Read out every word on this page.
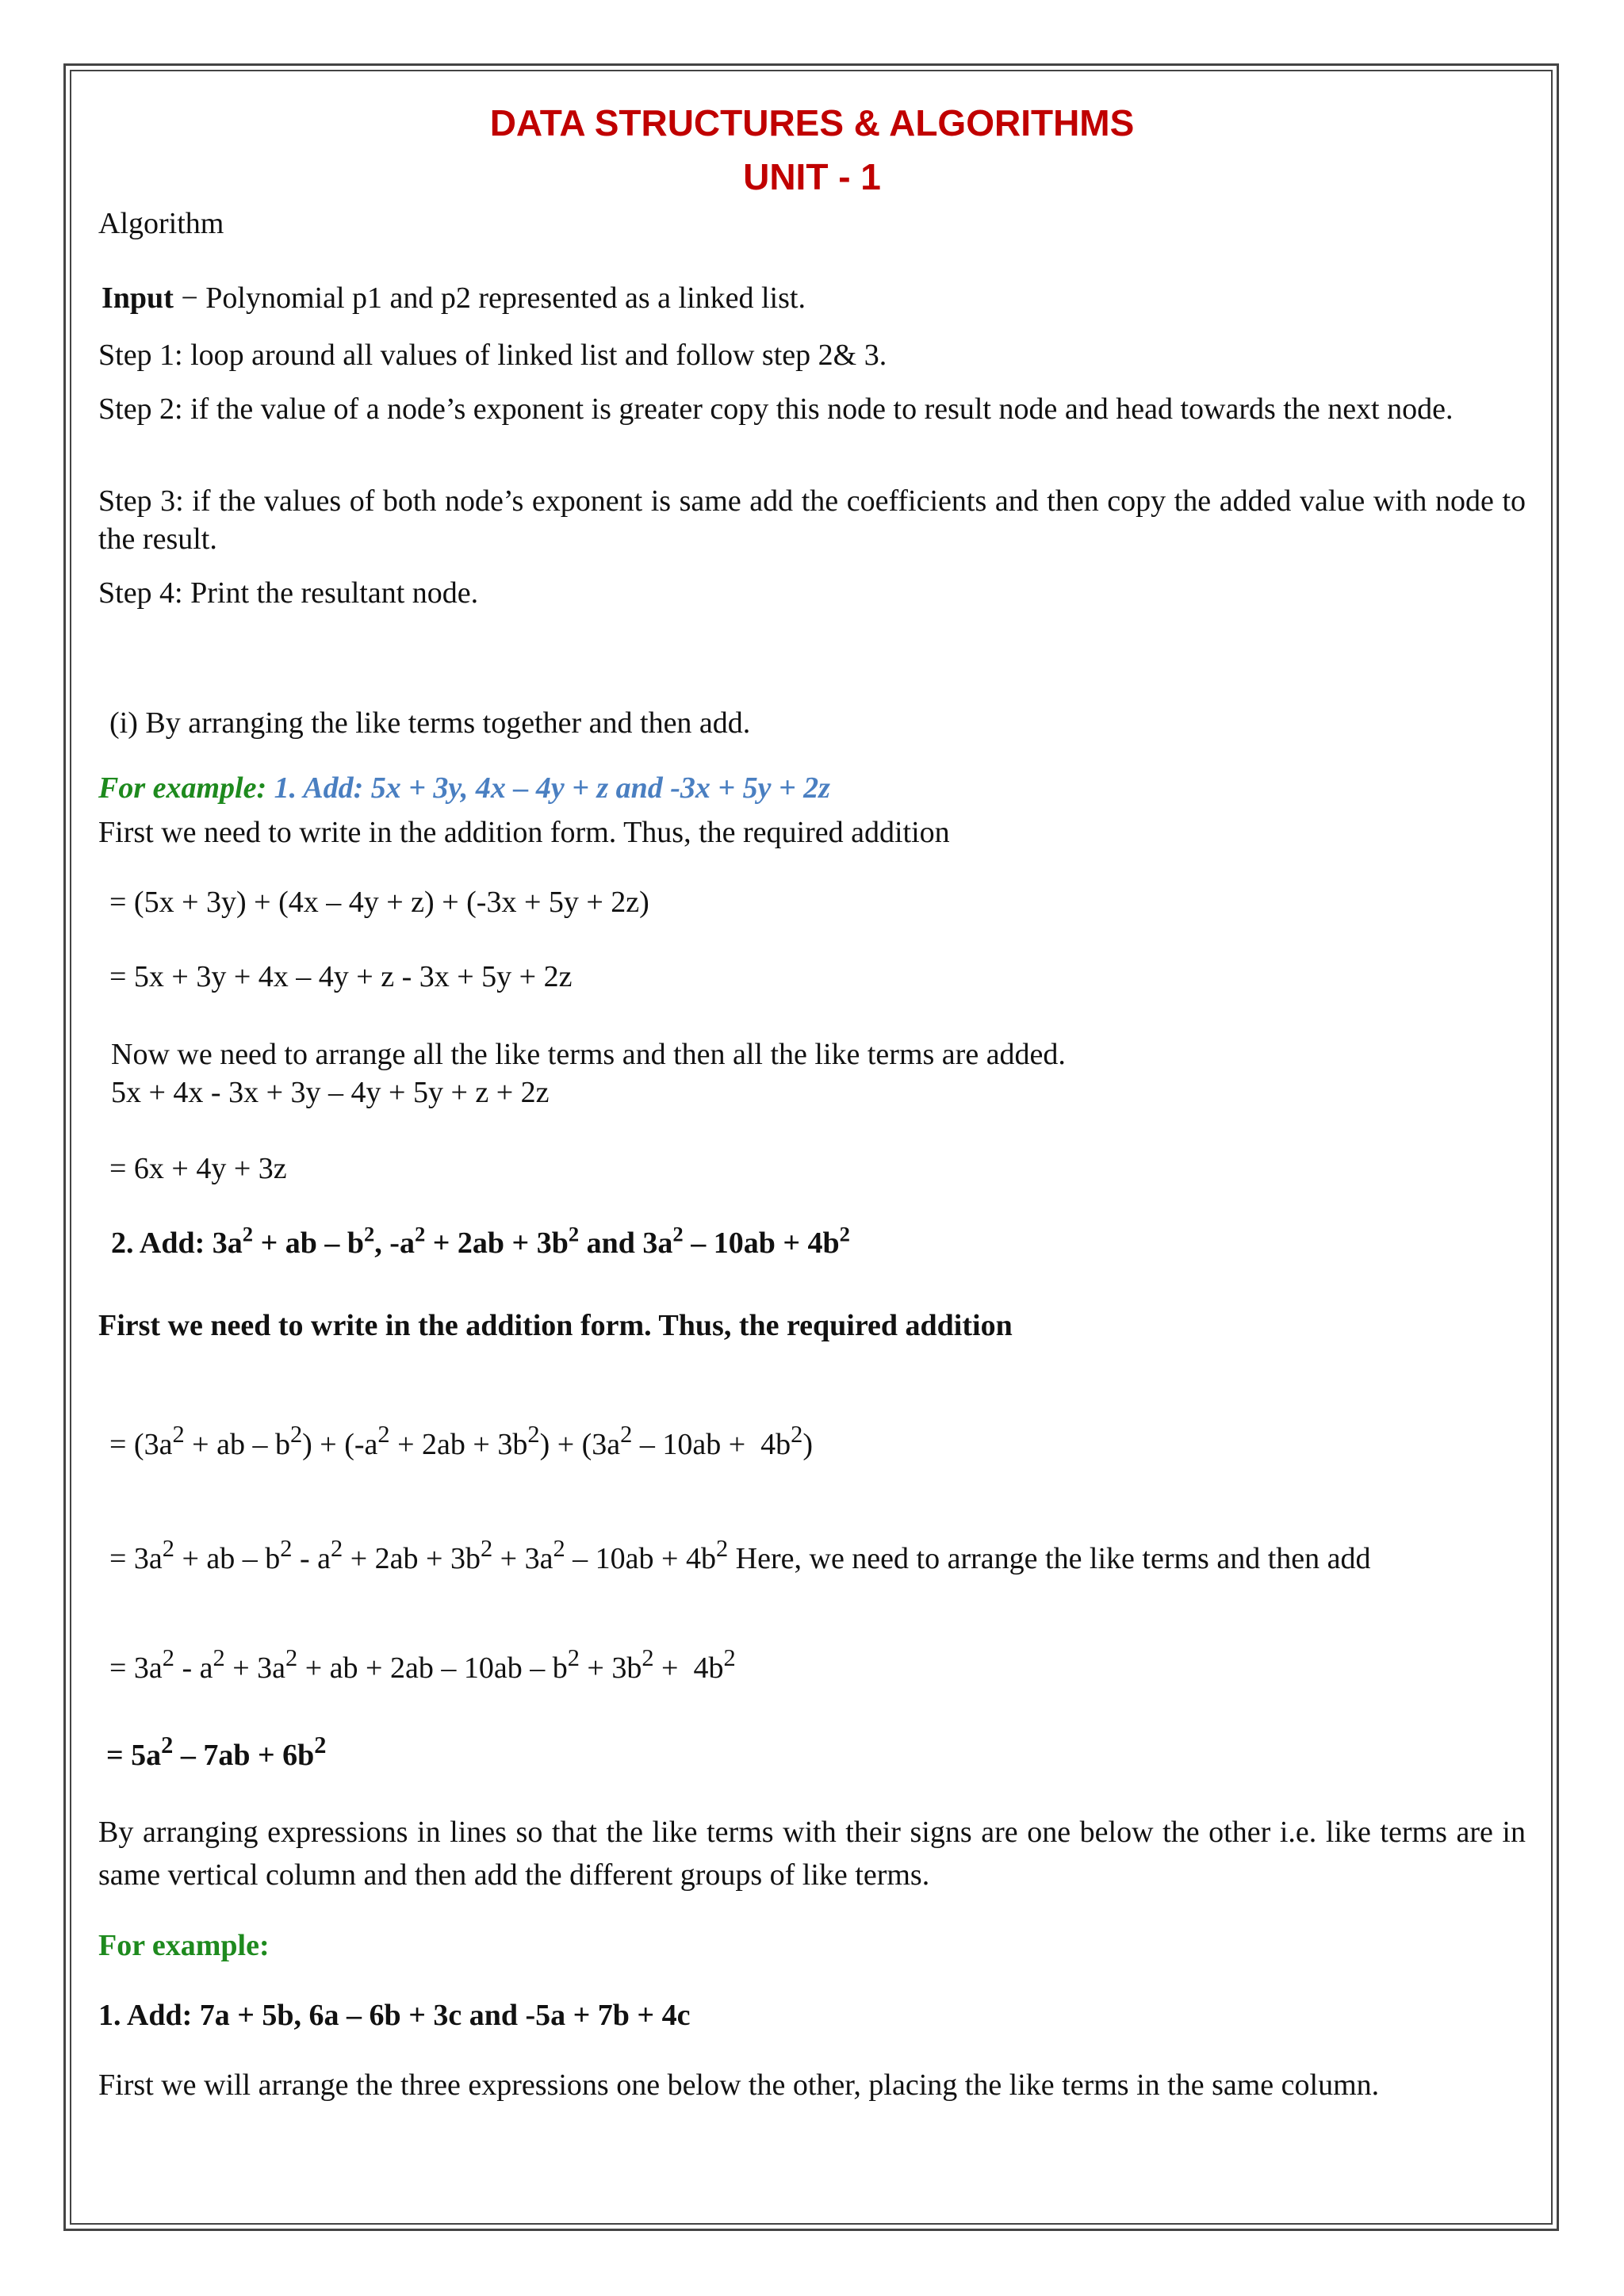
DATA STRUCTURES & ALGORITHMS
UNIT - 1
Algorithm
Input − Polynomial p1 and p2 represented as a linked list.
Step 1: loop around all values of linked list and follow step 2& 3.
Step 2: if the value of a node’s exponent is greater copy this node to result node and head towards the next node.
Step 3: if the values of both node’s exponent is same add the coefficients and then copy the added value with node to the result.
Step 4: Print the resultant node.
(i) By arranging the like terms together and then add.
For example: 1. Add: 5x + 3y, 4x – 4y + z and -3x + 5y + 2z
First we need to write in the addition form. Thus, the required addition
= (5x + 3y) + (4x – 4y + z) + (-3x + 5y + 2z)
= 5x + 3y + 4x – 4y + z - 3x + 5y + 2z
Now we need to arrange all the like terms and then all the like terms are added.
5x + 4x - 3x + 3y – 4y + 5y + z + 2z
= 6x + 4y + 3z
2. Add: $3a^2$ + ab – $b^2$, $-a^2 + 2ab + 3b^2$ and $3a^2 - 10ab + 4b^2$
First we need to write in the addition form. Thus, the required addition
= ($3a^2$ + ab – $b^2) + (-a^2 + 2ab + 3b^2) + (3a^2 - 10ab + 4b^2)$
= $3a^2$ + ab – $b^2 - a^2 + 2ab + 3b^2 + 3a^2 - 10ab + 4b^2$ Here, we need to arrange the like terms and then add
= $3a^2 - a^2 + 3a^2$ + ab + $2ab - 10ab - b^2 + 3b^2 + 4b^2$
= $5a^2 - 7ab + 6b^2$
By arranging expressions in lines so that the like terms with their signs are one below the other i.e. like terms are in same vertical column and then add the different groups of like terms.
For example:
1. Add: 7a + 5b, 6a – 6b + 3c and -5a + 7b + 4c
First we will arrange the three expressions one below the other, placing the like terms in the same column.
